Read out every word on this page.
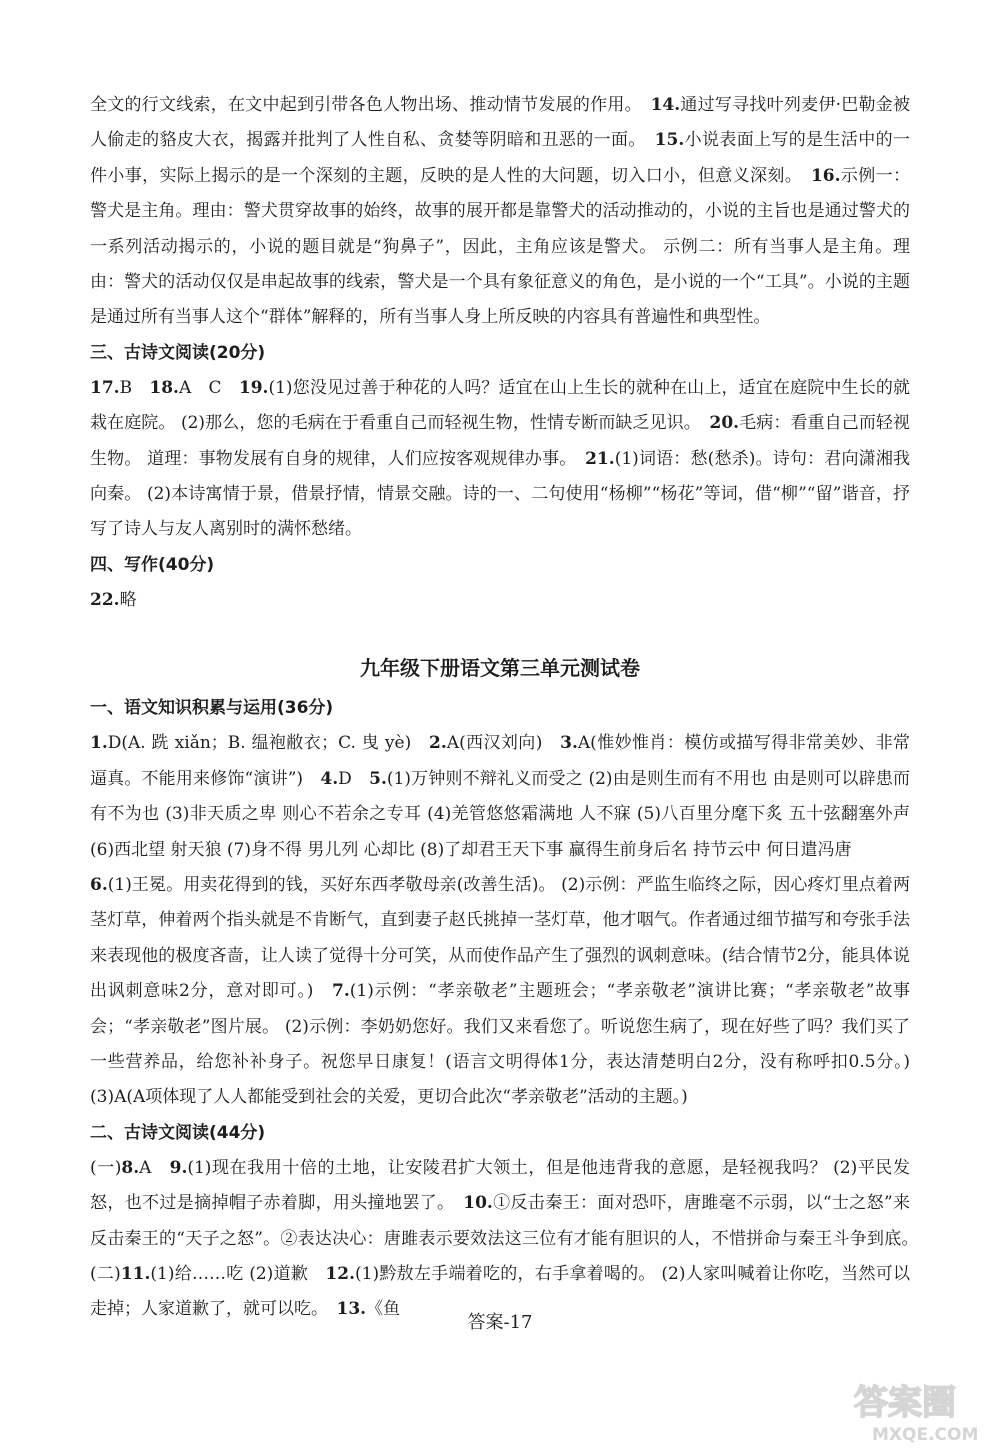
全文的行文线索，在文中起到引带各色人物出场、推动情节发展的作用。　 14.通过写寻找叶列麦伊·巴勒金被人偷走的貉皮大衣，揭露并批判了人性自私、贪婪等阴暗和丑恶的一面。　 15.小说表面上写的是生活中的一件小事，实际上揭示的是一个深刻的主题，反映的是人性的大问题，切入口小，但意义深刻。　 16.示例一：警犬是主角。理由：警犬贯穿故事的始终，故事的展开都是靠警犬的活动推动的，小说的主旨也是通过警犬的一系列活动揭示的，小说的题目就是“狗鼻子”，因此，主角应该是警犬。 示例二：所有当事人是主角。理由：警犬的活动仅仅是串起故事的线索，警犬是一个具有象征意义的角色，是小说的一个“工具”。小说的主题是通过所有当事人这个“群体”解释的，所有当事人身上所反映的内容具有普遍性和典型性。

三、古诗文阅读(20分)

17.B　 18.A　C　 19.(1)您没见过善于种花的人吗？适宜在山上生长的就种在山上，适宜在庭院中生长的就栽在庭院。 (2)那么，您的毛病在于看重自己而轻视生物，性情专断而缺乏见识。　 20.毛病：看重自己而轻视生物。 道理：事物发展有自身的规律，人们应按客观规律办事。　 21.(1)词语：愁(愁杀)。诗句：君向潇湘我向秦。 (2)本诗寓情于景，借景抒情，情景交融。诗的一、二句使用“杨柳”“杨花”等词，借“柳”“留”谐音，抒写了诗人与友人离别时的满怀愁绪。

四、写作(40分)

22.略

九年级下册语文第三单元测试卷

一、语文知识积累与运用(36分)

1.D(A. 跣 xiǎn；B. 缊袍敝衣；C. 曳 yè)　 2.A(西汉刘向)　 3.A(惟妙惟肖：模仿或描写得非常美妙、非常逼真。不能用来修饰“演讲”)　 4.D　 5.(1)万钟则不辩礼义而受之 (2)由是则生而有不用也 由是则可以辟患而有不为也 (3)非天质之卑 则心不若余之专耳 (4)羌管悠悠霜满地 人不寐 (5)八百里分麾下炙 五十弦翻塞外声 (6)西北望 射天狼 (7)身不得 男儿列 心却比 (8)了却君王天下事 赢得生前身后名 持节云中 何日遣冯唐

6.(1)王冕。用卖花得到的钱，买好东西孝敬母亲(改善生活)。 (2)示例：严监生临终之际，因心疼灯里点着两茎灯草，伸着两个指头就是不肯断气，直到妻子赵氏挑掉一茎灯草，他才咽气。作者通过细节描写和夸张手法来表现他的极度吝啬，让人读了觉得十分可笑，从而使作品产生了强烈的讽刺意味。(结合情节2分，能具体说出讽刺意味2分，意对即可。)　 7.(1)示例：“孝亲敬老”主题班会；“孝亲敬老”演讲比赛；“孝亲敬老”故事会；“孝亲敬老”图片展。 (2)示例：李奶奶您好。我们又来看您了。听说您生病了，现在好些了吗？我们买了一些营养品，给您补补身子。祝您早日康复！(语言文明得体1分，表达清楚明白2分，没有称呼扣0.5分。) (3)A(A项体现了人人都能受到社会的关爱，更切合此次“孝亲敬老”活动的主题。)

二、古诗文阅读(44分)

(一)8.A　 9.(1)现在我用十倍的土地，让安陵君扩大领土，但是他违背我的意愿，是轻视我吗？ (2)平民发怒，也不过是摘掉帽子赤着脚，用头撞地罢了。　 10.①反击秦王：面对恐吓，唐雎毫不示弱，以“士之怒”来反击秦王的“天子之怒”。②表达决心：唐雎表示要效法这三位有才能有胆识的人，不惜拼命与秦王斗争到底。　(二)11.(1)给……吃 (2)道歉　 12.(1)黔敖左手端着吃的，右手拿着喝的。 (2)人家叫喊着让你吃，当然可以走掉；人家道歉了，就可以吃。　 13.《鱼

答案-17
答案圈
MXQE.COM
